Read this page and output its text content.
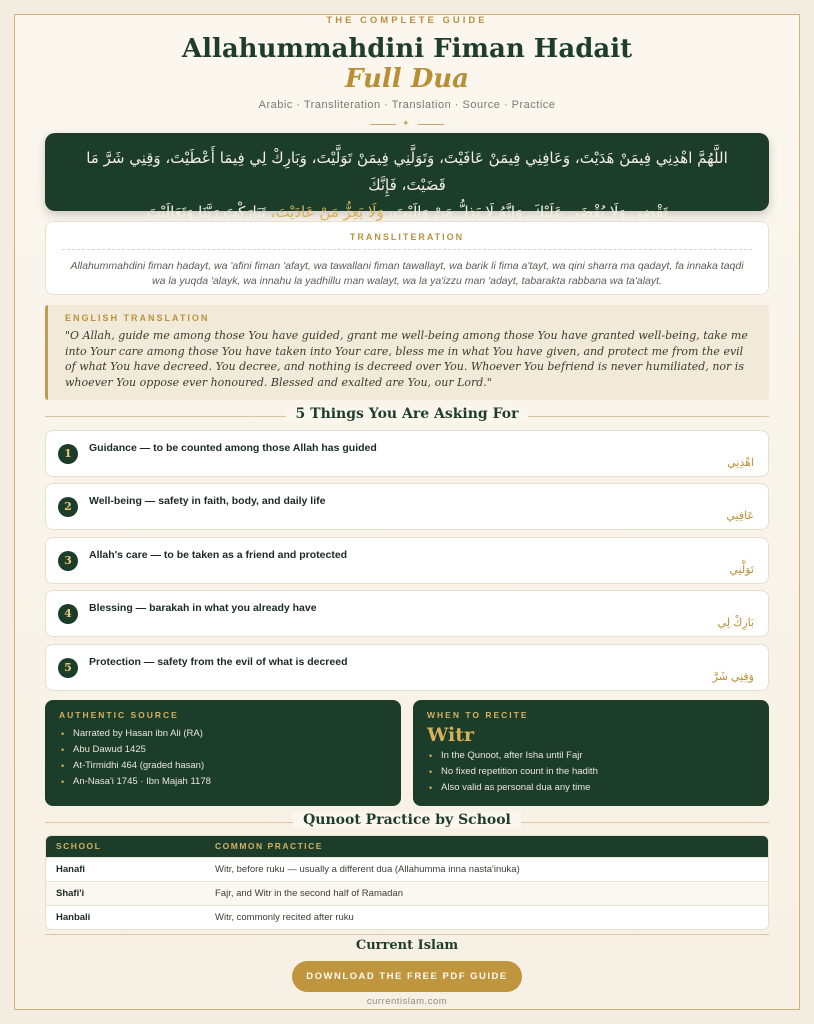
THE COMPLETE GUIDE
Allahummahdini Fiman Hadait
Full Dua
Arabic · Transliteration · Translation · Source · Practice
✦
اللَّهُمَّ اهْدِنِي فِيمَنْ هَدَيْتَ، وَعَافِنِي فِيمَنْ عَافَيْتَ، وَتَوَلَّنِي فِيمَنْ تَوَلَّيْتَ، وَبَارِكْ لِي فِيمَا أَعْطَيْتَ، وَقِنِي شَرَّ مَا قَضَيْتَ، فَإِنَّكَ
تَقْضِي وَلَا يُقْضَى عَلَيْكَ، وَإِنَّهُ لَا يَذِلُّ مَنْ وَالَيْتَ، وَلَا يَعِزُّ مَنْ عَادَيْتَ، تَبَارَكْتَ رَبَّنَا وَتَعَالَيْتَ
TRANSLITERATION
Allahummahdini fiman hadayt, wa 'afini fiman 'afayt, wa tawallani fiman tawallayt, wa barik li fima a'tayt, wa qini sharra ma qadayt, fa innaka taqdi wa la yuqda 'alayk, wa innahu la yadhillu man walayt, wa la ya'izzu man 'adayt, tabarakta rabbana wa ta'alayt.
ENGLISH TRANSLATION
"O Allah, guide me among those You have guided, grant me well-being among those You have granted well-being, take me into Your care among those You have taken into Your care, bless me in what You have given, and protect me from the evil of what You have decreed. You decree, and nothing is decreed over You. Whoever You befriend is never humiliated, nor is whoever You oppose ever honoured. Blessed and exalted are You, our Lord."
5 Things You Are Asking For
1	Guidance — to be counted among those Allah has guided
اهْدِنِي
2	Well-being — safety in faith, body, and daily life
عَافِنِي
3	Allah's care — to be taken as a friend and protected
تَوَلَّنِي
4	Blessing — barakah in what you already have
بَارِكْ لِي
5	Protection — safety from the evil of what is decreed
وَقِنِي شَرَّ
AUTHENTIC SOURCE
• Narrated by Hasan ibn Ali (RA)
• Abu Dawud 1425
• At-Tirmidhi 464 (graded hasan)
• An-Nasa'i 1745 · Ibn Majah 1178
WHEN TO RECITE
Witr
• In the Qunoot, after Isha until Fajr
• No fixed repetition count in the hadith
• Also valid as personal dua any time
Qunoot Practice by School
SCHOOL	COMMON PRACTICE
Hanafi	Witr, before ruku — usually a different dua (Allahumma inna nasta'inuka)
Shafi'i	Fajr, and Witr in the second half of Ramadan
Hanbali	Witr, commonly recited after ruku
Current Islam
DOWNLOAD THE FREE PDF GUIDE
currentislam.com
